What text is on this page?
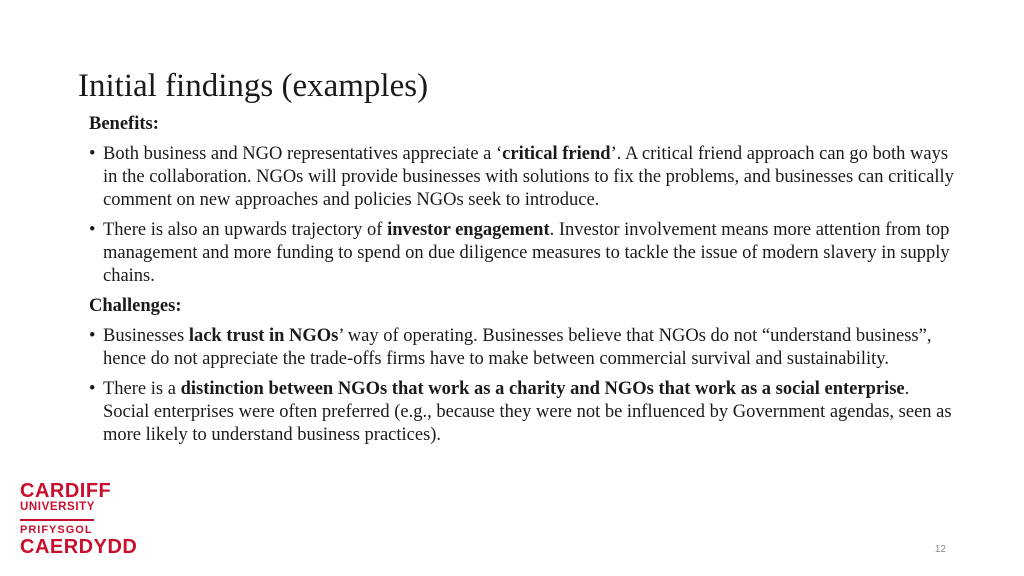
Initial findings (examples)

Benefits:

• Both business and NGO representatives appreciate a ‘critical friend’. A critical friend approach can go both ways in the collaboration. NGOs will provide businesses with solutions to fix the problems, and businesses can critically comment on new approaches and policies NGOs seek to introduce.

• There is also an upwards trajectory of investor engagement. Investor involvement means more attention from top management and more funding to spend on due diligence measures to tackle the issue of modern slavery in supply chains.

Challenges:

• Businesses lack trust in NGOs’ way of operating. Businesses believe that NGOs do not “understand business”, hence do not appreciate the trade-offs firms have to make between commercial survival and sustainability.

• There is a distinction between NGOs that work as a charity and NGOs that work as a social enterprise. Social enterprises were often preferred (e.g., because they were not be influenced by Government agendas, seen as more likely to understand business practices).

CARDIFF
UNIVERSITY
PRIFYSGOL
CAERDYDD	12
